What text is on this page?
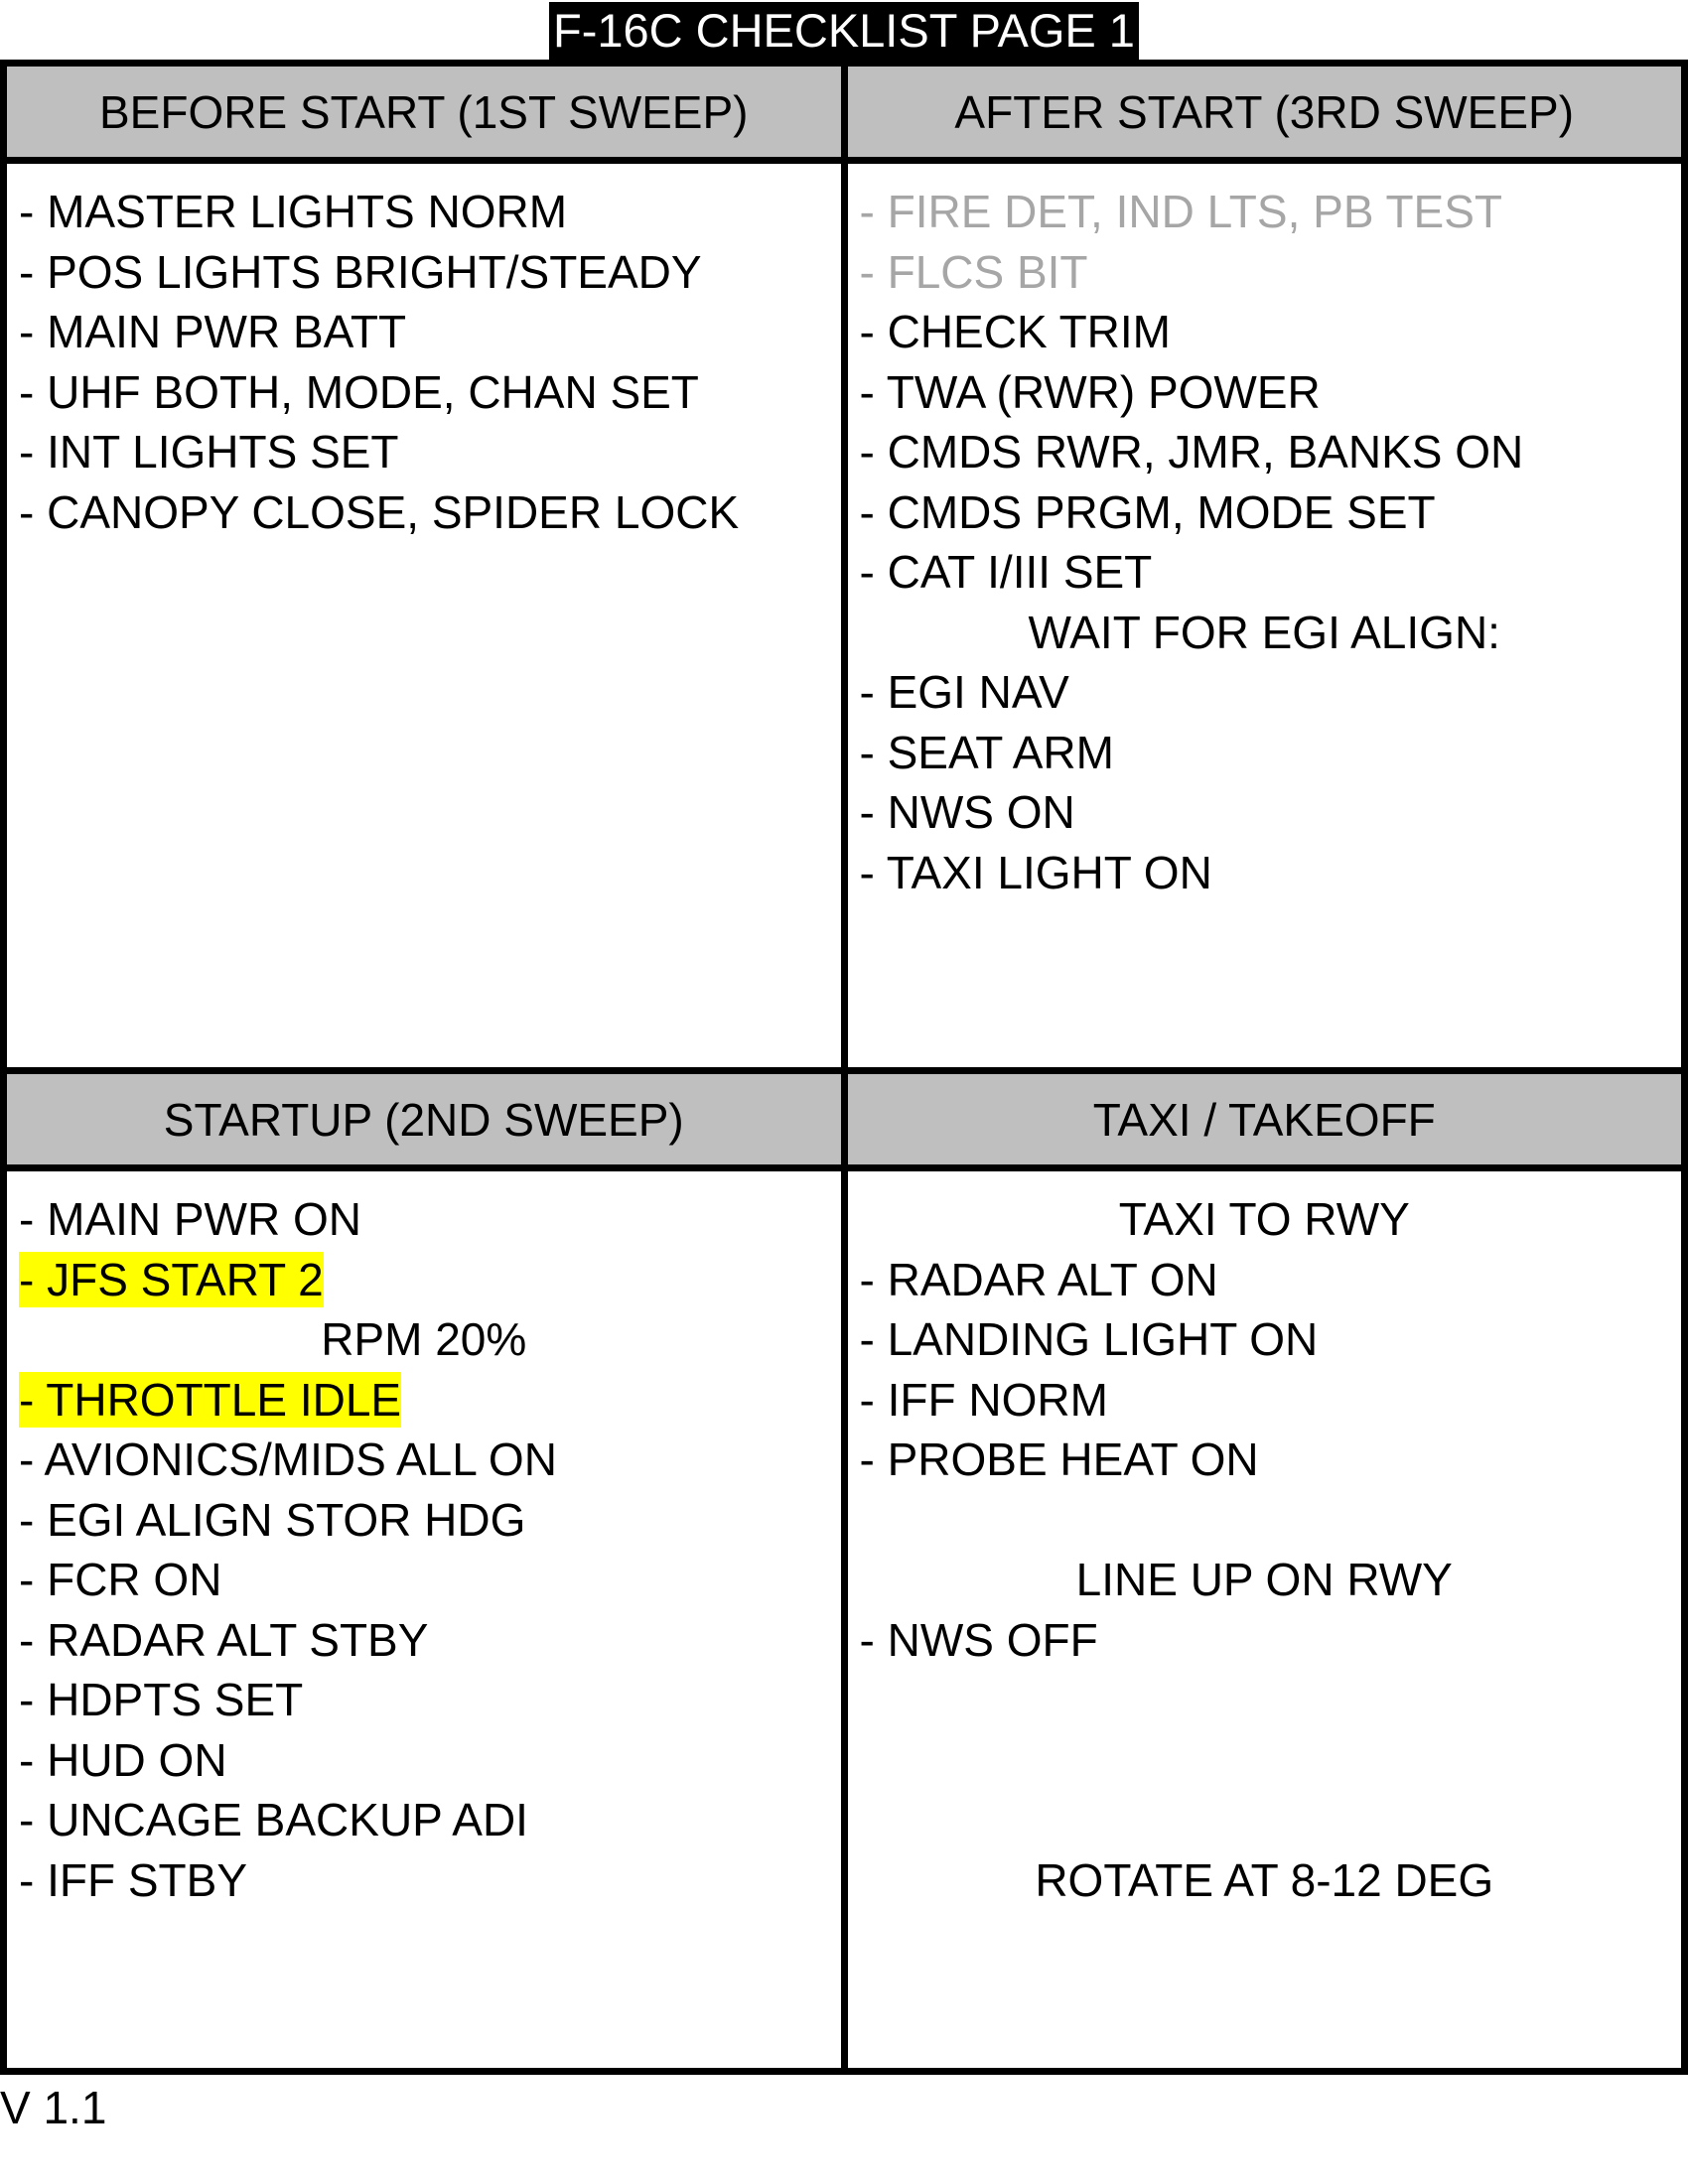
F-16C CHECKLIST PAGE 1
BEFORE START (1ST SWEEP)
- MASTER LIGHTS NORM
- POS LIGHTS BRIGHT/STEADY
- MAIN PWR BATT
- UHF BOTH, MODE, CHAN SET
- INT LIGHTS SET
- CANOPY CLOSE, SPIDER LOCK
AFTER START (3RD SWEEP)
- FIRE DET, IND LTS, PB TEST
- FLCS BIT
- CHECK TRIM
- TWA (RWR) POWER
- CMDS RWR, JMR, BANKS ON
- CMDS PRGM, MODE SET
- CAT I/III SET
WAIT FOR EGI ALIGN:
- EGI NAV
- SEAT ARM
- NWS ON
- TAXI LIGHT ON
STARTUP (2ND SWEEP)
- MAIN PWR ON
- JFS START 2
RPM 20%
- THROTTLE IDLE
- AVIONICS/MIDS ALL ON
- EGI ALIGN STOR HDG
- FCR ON
- RADAR ALT STBY
- HDPTS SET
- HUD ON
- UNCAGE BACKUP ADI
- IFF STBY
TAXI / TAKEOFF
TAXI TO RWY
- RADAR ALT ON
- LANDING LIGHT ON
- IFF NORM
- PROBE HEAT ON
LINE UP ON RWY
- NWS OFF
ROTATE AT 8-12 DEG
V 1.1
